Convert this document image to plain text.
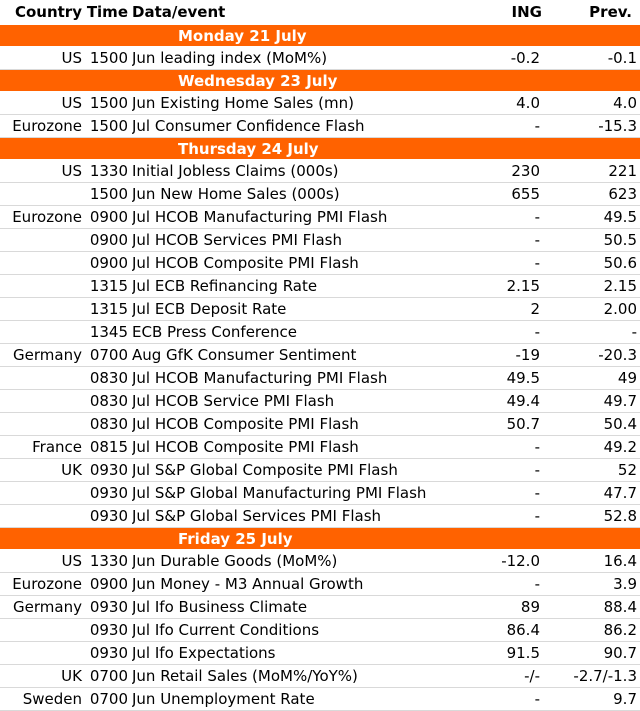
Country	Time	Data/event	ING	Prev.
Monday 21 July				
US	1500	Jun leading index (MoM%)	-0.2	-0.1
Wednesday 23 July				
US	1500	Jun Existing Home Sales (mn)	4.0	4.0
Eurozone	1500	Jul Consumer Confidence Flash	-	-15.3
Thursday 24 July				
US	1330	Initial Jobless Claims (000s)	230	221
	1500	Jun New Home Sales (000s)	655	623
Eurozone	0900	Jul HCOB Manufacturing PMI Flash	-	49.5
	0900	Jul HCOB Services PMI Flash	-	50.5
	0900	Jul HCOB Composite PMI Flash	-	50.6
	1315	Jul ECB Refinancing Rate	2.15	2.15
	1315	Jul ECB Deposit Rate	2	2.00
	1345	ECB Press Conference	-	-
Germany	0700	Aug GfK Consumer Sentiment	-19	-20.3
	0830	Jul HCOB Manufacturing PMI Flash	49.5	49
	0830	Jul HCOB Service PMI Flash	49.4	49.7
	0830	Jul HCOB Composite PMI Flash	50.7	50.4
France	0815	Jul HCOB Composite PMI Flash	-	49.2
UK	0930	Jul S&P Global Composite PMI Flash	-	52
	0930	Jul S&P Global Manufacturing PMI Flash	-	47.7
	0930	Jul S&P Global Services PMI Flash	-	52.8
Friday 25 July				
US	1330	Jun Durable Goods (MoM%)	-12.0	16.4
Eurozone	0900	Jun Money - M3 Annual Growth	-	3.9
Germany	0930	Jul Ifo Business Climate	89	88.4
	0930	Jul Ifo Current Conditions	86.4	86.2
	0930	Jul Ifo Expectations	91.5	90.7
UK	0700	Jun Retail Sales (MoM%/YoY%)	-/-	-2.7/-1.3
Sweden	0700	Jun Unemployment Rate	-	9.7
